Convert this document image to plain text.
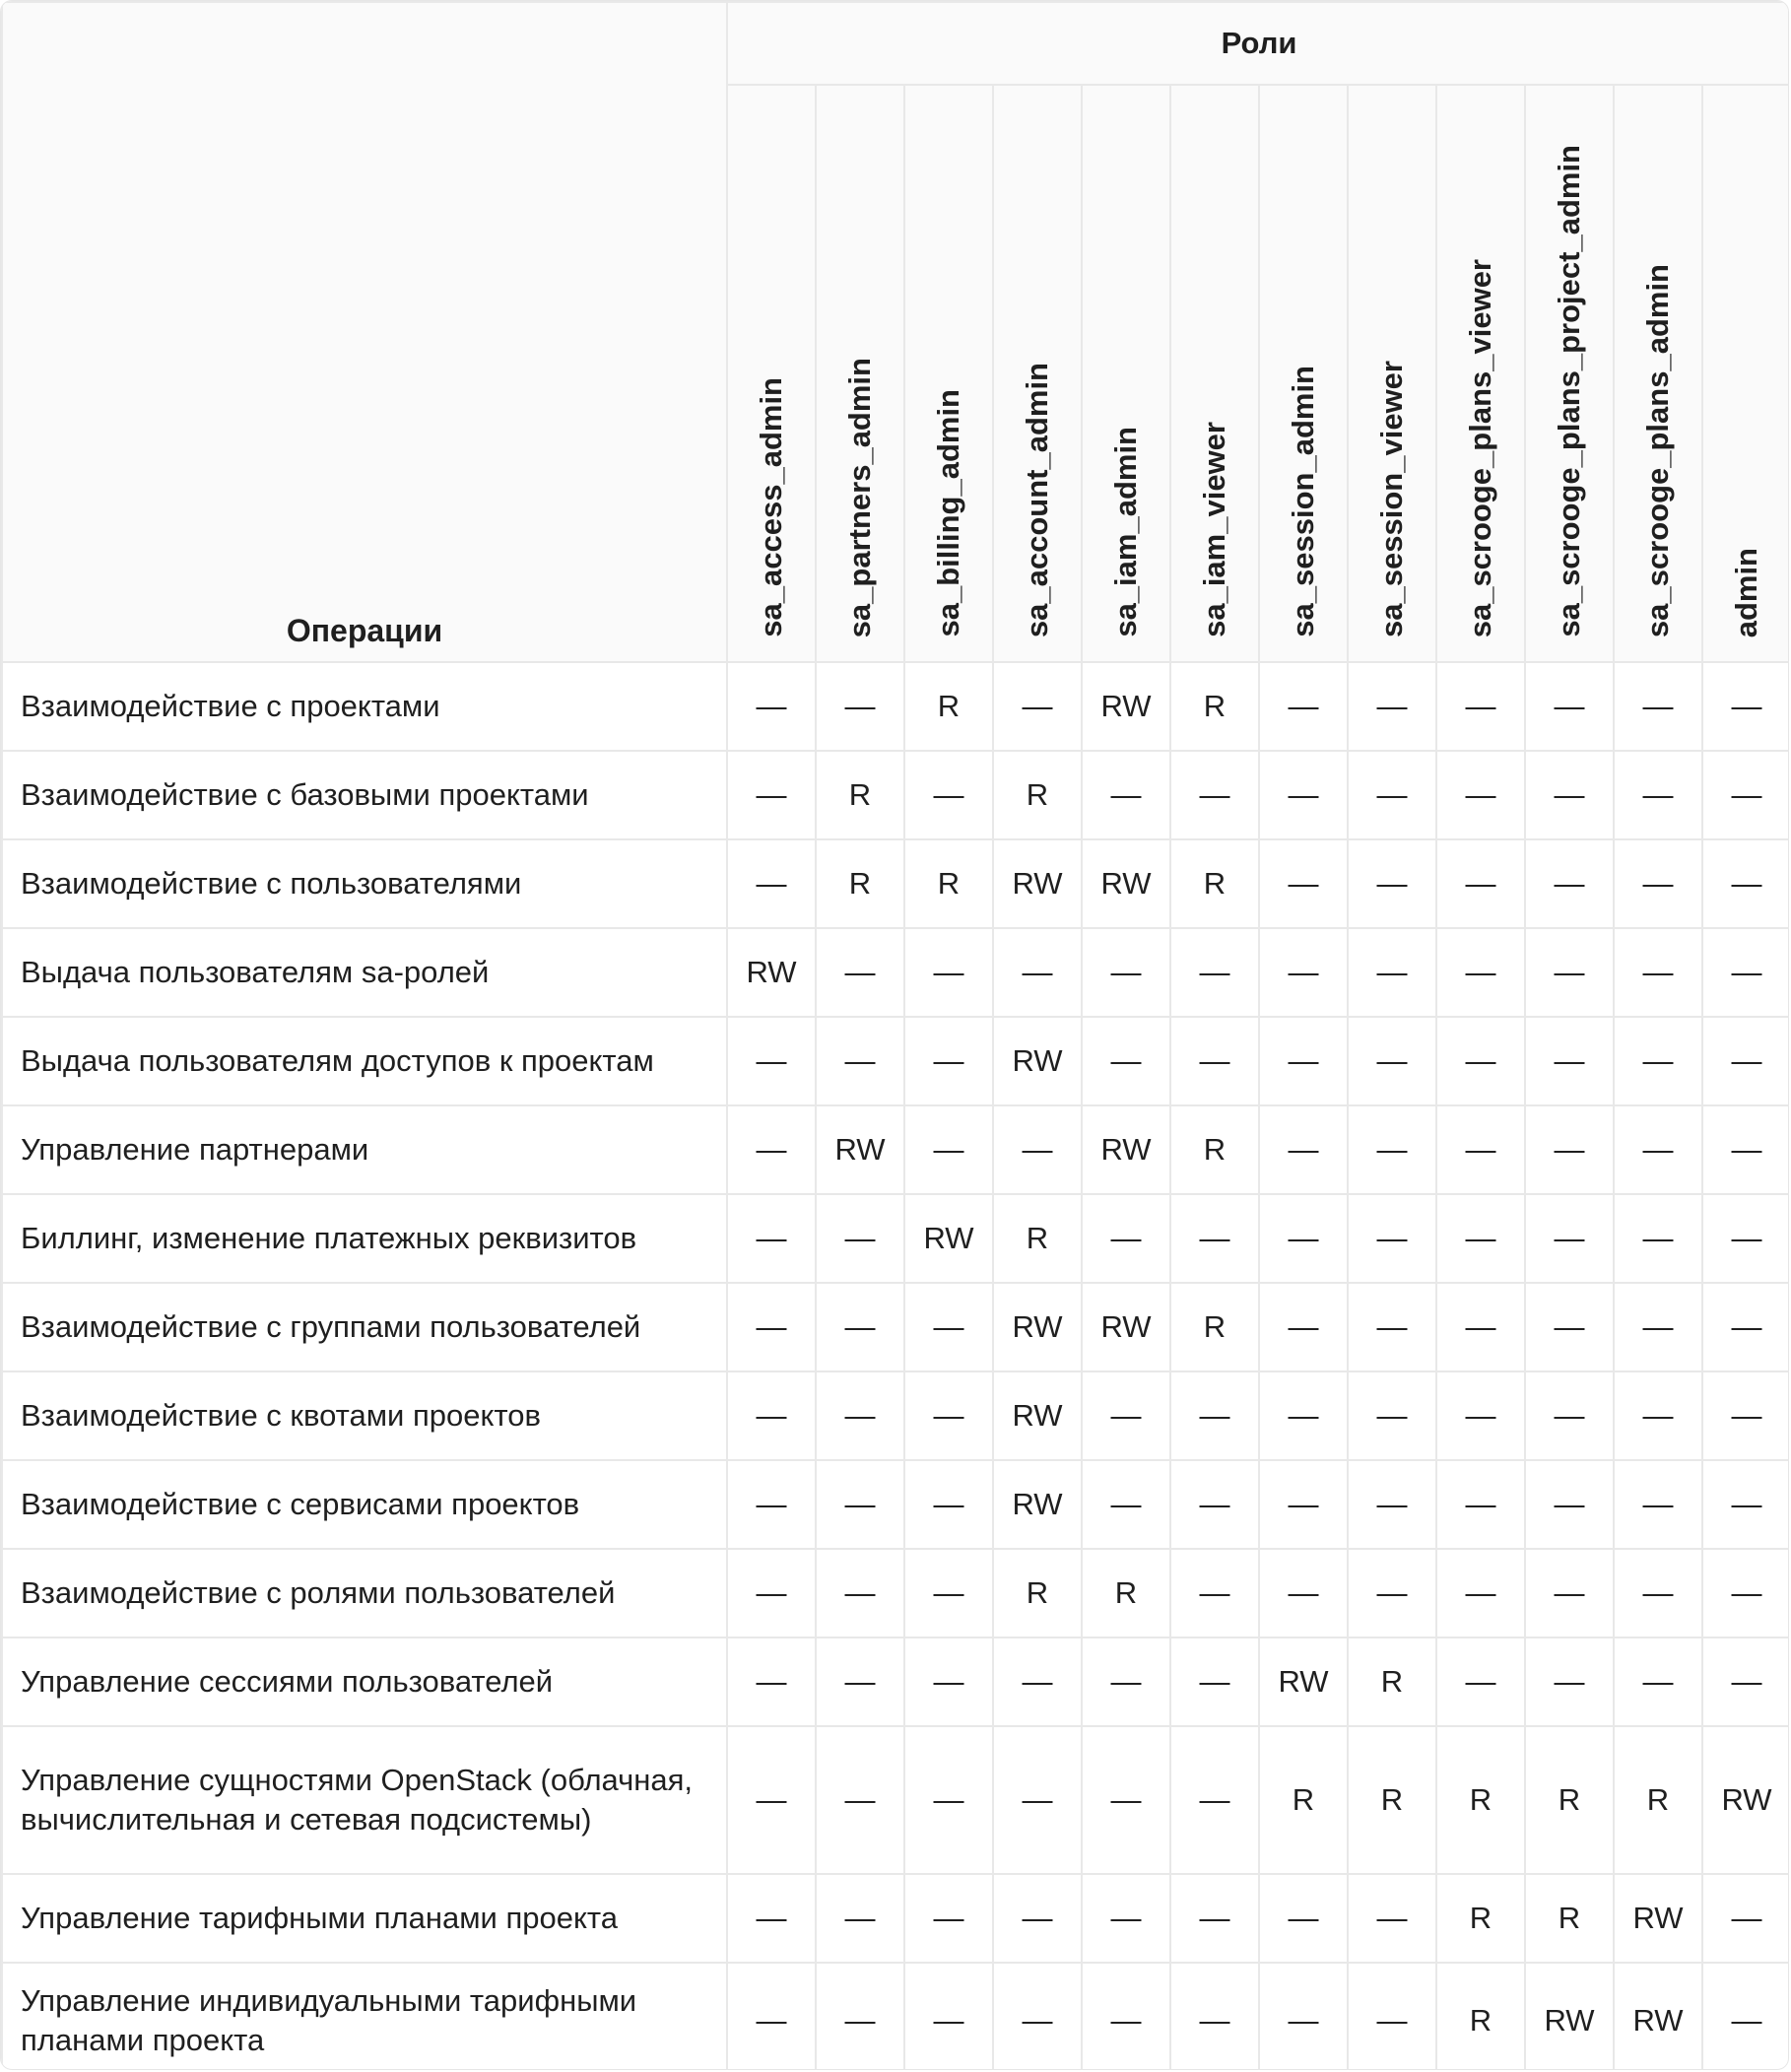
Операции	Роли											
	sa_access_admin	sa_partners_admin	sa_billing_admin	sa_account_admin	sa_iam_admin	sa_iam_viewer	sa_session_admin	sa_session_viewer	sa_scrooge_plans_viewer	sa_scrooge_plans_project_admin	sa_scrooge_plans_admin	admin
Взаимодействие с проектами	—	—	R	—	RW	R	—	—	—	—	—	—
Взаимодействие с базовыми проектами	—	R	—	R	—	—	—	—	—	—	—	—
Взаимодействие с пользователями	—	R	R	RW	RW	R	—	—	—	—	—	—
Выдача пользователям sa-ролей	RW	—	—	—	—	—	—	—	—	—	—	—
Выдача пользователям доступов к проектам	—	—	—	RW	—	—	—	—	—	—	—	—
Управление партнерами	—	RW	—	—	RW	R	—	—	—	—	—	—
Биллинг, изменение платежных реквизитов	—	—	RW	R	—	—	—	—	—	—	—	—
Взаимодействие с группами пользователей	—	—	—	RW	RW	R	—	—	—	—	—	—
Взаимодействие с квотами проектов	—	—	—	RW	—	—	—	—	—	—	—	—
Взаимодействие с сервисами проектов	—	—	—	RW	—	—	—	—	—	—	—	—
Взаимодействие с ролями пользователей	—	—	—	R	R	—	—	—	—	—	—	—
Управление сессиями пользователей	—	—	—	—	—	—	RW	R	—	—	—	—
Управление сущностями OpenStack (облачная, вычислительная и сетевая подсистемы)	—	—	—	—	—	—	R	R	R	R	R	RW
Управление тарифными планами проекта	—	—	—	—	—	—	—	—	R	R	RW	—
Управление индивидуальными тарифными планами проекта	—	—	—	—	—	—	—	—	R	RW	RW	—
